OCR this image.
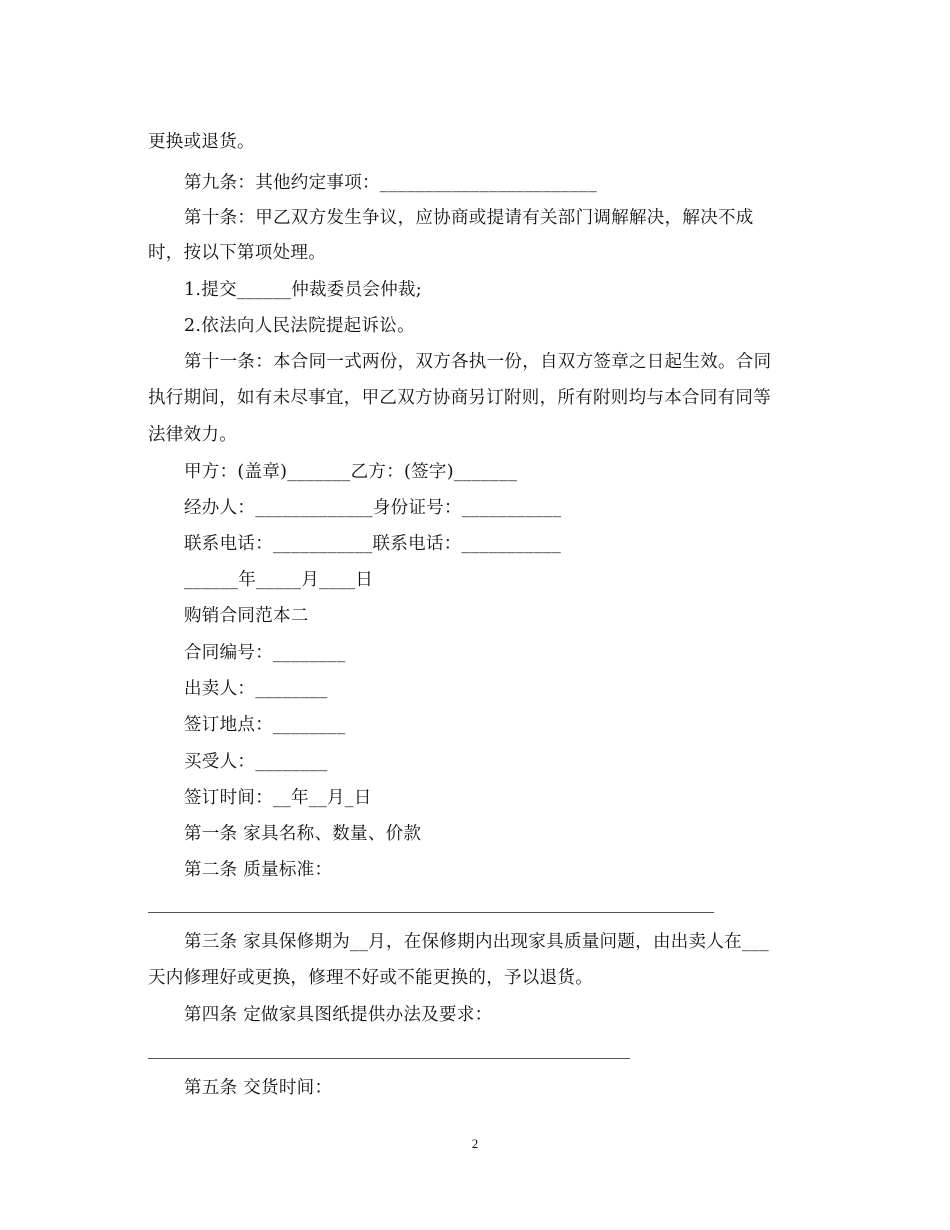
更换或退货。
第九条：其他约定事项：________________________
第十条：甲乙双方发生争议，应协商或提请有关部门调解解决，解决不成
时，按以下第项处理。
1.提交______仲裁委员会仲裁;
2.依法向人民法院提起诉讼。
第十一条：本合同一式两份，双方各执一份，自双方签章之日起生效。合同
执行期间，如有未尽事宜，甲乙双方协商另订附则，所有附则均与本合同有同等
法律效力。
甲方：(盖章)_______乙方：(签字)_______
经办人：_____________身份证号：___________
联系电话：___________联系电话：___________
______年_____月____日
购销合同范本二
合同编号：________
出卖人：________
签订地点：________
买受人：________
签订时间：__年__月_日
第一条 家具名称、数量、价款
第二条 质量标准：
第三条 家具保修期为__月，在保修期内出现家具质量问题，由出卖人在___
天内修理好或更换，修理不好或不能更换的，予以退货。
第四条 定做家具图纸提供办法及要求：
第五条 交货时间：
2
